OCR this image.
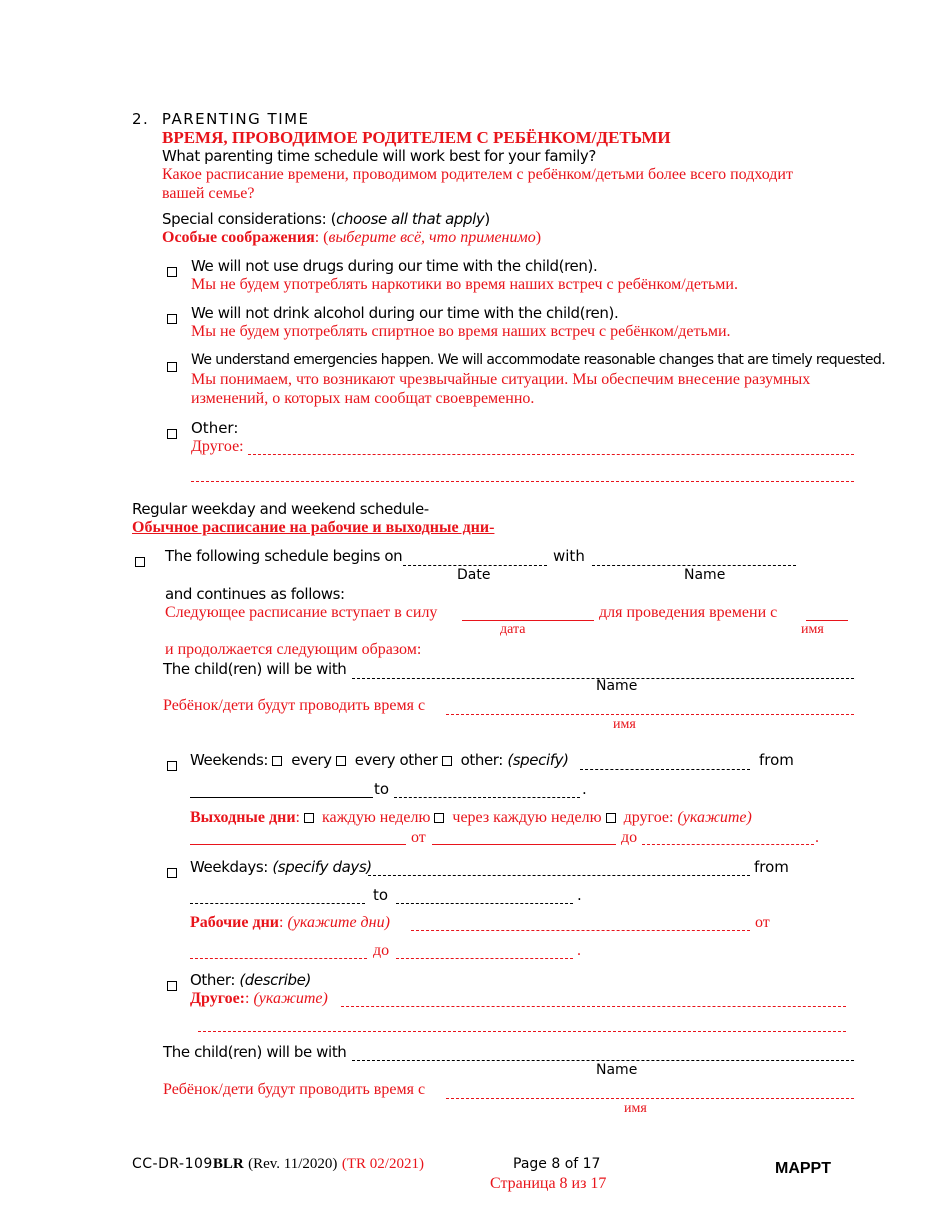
2. PARENTING TIME
ВРЕМЯ, ПРОВОДИМОЕ РОДИТЕЛЕМ С РЕБЁНКОМ/ДЕТЬМИ
What parenting time schedule will work best for your family?
Какое расписание времени, проводимом родителем с ребёнком/детьми более всего подходит
вашей семье?
Special considerations: (choose all that apply)
Особые соображения: (выберите всё, что применимо)
We will not use drugs during our time with the child(ren).
Мы не будем употреблять наркотики во время наших встреч с ребёнком/детьми.
We will not drink alcohol during our time with the child(ren).
Мы не будем употреблять спиртное во время наших встреч с ребёнком/детьми.
We understand emergencies happen. We will accommodate reasonable changes that are timely requested.
Мы понимаем, что возникают чрезвычайные ситуации. Мы обеспечим внесение разумных
изменений, о которых нам сообщат своевременно.
Other:
Другое:
Regular weekday and weekend schedule-
Обычное расписание на рабочие и выходные дни-
The following schedule begins on	with
Date	Name
and continues as follows:
Следующее расписание вступает в силу	для проведения времени с
дата	имя
и продолжается следующим образом:
The child(ren) will be with
Name
Ребёнок/дети будут проводить время с
имя
Weekends: every every other other: (specify)	from
to	.
Выходные дни:   каждую неделю через каждую неделю другое: (укажите)
от	до	.
Weekdays: (specify days)	from
to	.
Рабочие дни: (укажите дни)	от
до	.
Other: (describe)
Другое:: (укажите)
The child(ren) will be with
Name
Ребёнок/дети будут проводить время с
имя
CC-DR-109BLR (Rev. 11/2020) (TR 02/2021)	Page 8 of 17
Страница 8 из 17
MAPPT
